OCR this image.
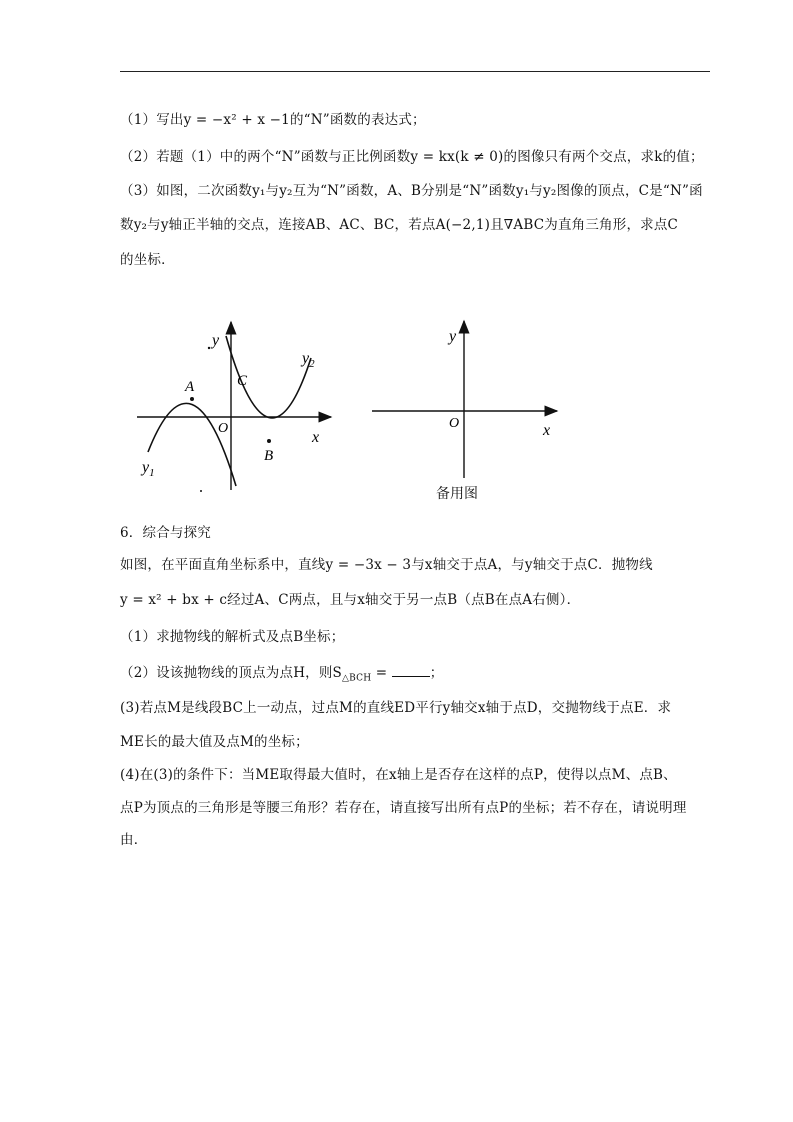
（1）写出y = −x² + x −1的“N”函数的表达式；
（2）若题（1）中的两个“N”函数与正比例函数y = kx(k ≠ 0)的图像只有两个交点，求k的值；
（3）如图，二次函数y₁与y₂互为“N”函数，A、B分别是“N”函数y₁与y₂图像的顶点，C是“N”函
数y₂与y轴正半轴的交点，连接AB、AC、BC，若点A(−2,1)且∇ABC为直角三角形，求点C
的坐标．
y
x
O
A
B
C
$y_1$
$y_2$
y
x
O
备用图
6．综合与探究
如图，在平面直角坐标系中，直线y = −3x − 3与x轴交于点A，与y轴交于点C．抛物线
y = x² + bx + c经过A、C两点，且与x轴交于另一点B（点B在点A右侧）．
（1）求抛物线的解析式及点B坐标；
（2）设该抛物线的顶点为点H，则$S_{\triangle BCH}$ =	；
(3)若点M是线段BC上一动点，过点M的直线ED平行y轴交x轴于点D，交抛物线于点E．求
ME长的最大值及点M的坐标；
(4)在(3)的条件下：当ME取得最大值时，在x轴上是否存在这样的点P，使得以点M、点B、
点P为顶点的三角形是等腰三角形？若存在，请直接写出所有点P的坐标；若不存在，请说明理
由．
